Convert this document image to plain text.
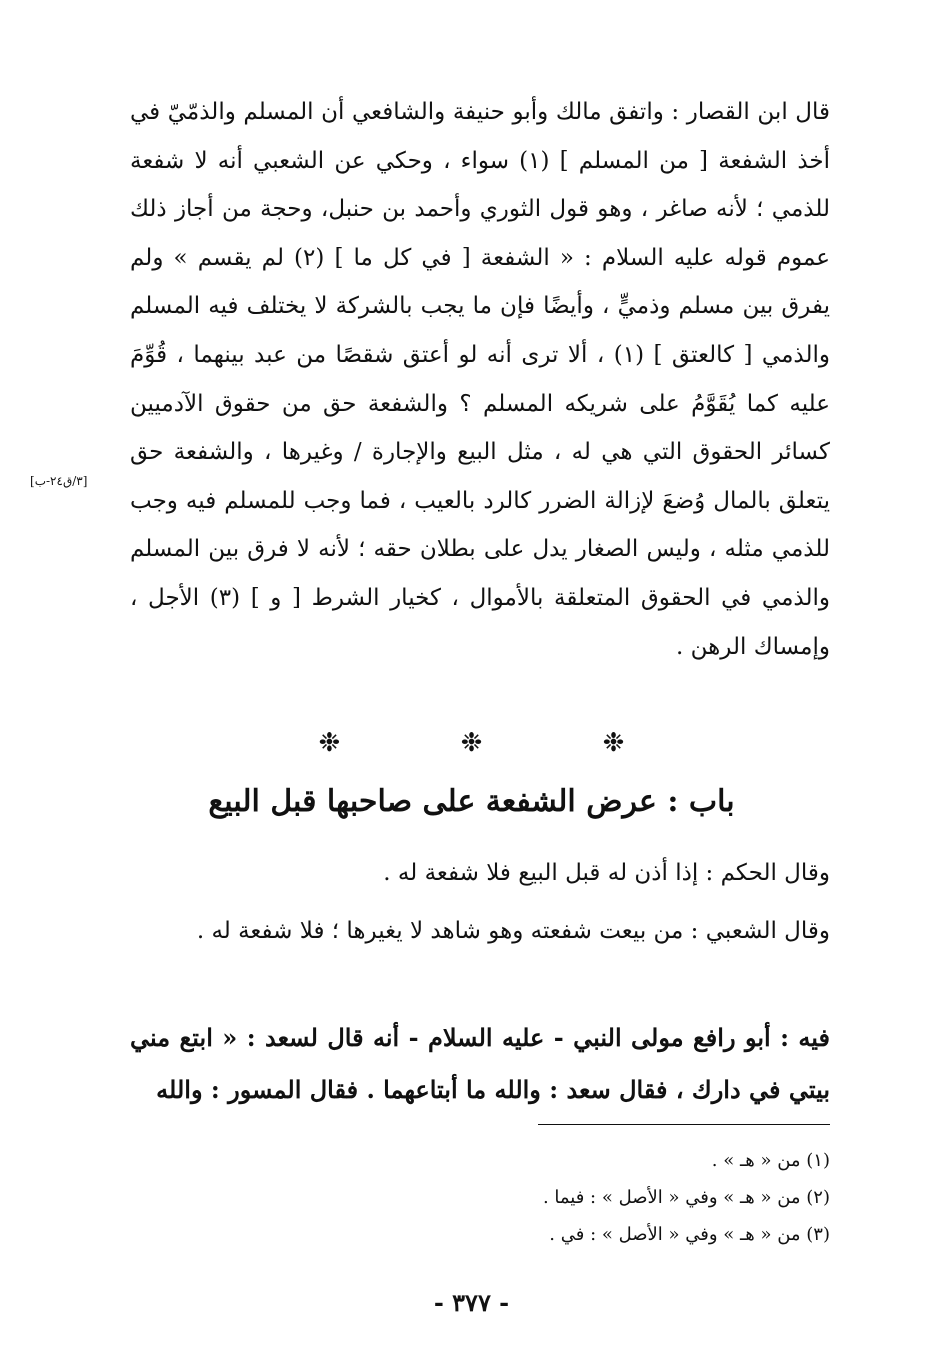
قال ابن القصار : واتفق مالك وأبو حنيفة والشافعي أن المسلم والذمّيّ في أخذ الشفعة [ من المسلم ] (١) سواء ، وحكي عن الشعبي أنه لا شفعة للذمي ؛ لأنه صاغر ، وهو قول الثوري وأحمد بن حنبل، وحجة من أجاز ذلك عموم قوله عليه السلام : « الشفعة [ في كل ما ] (٢) لم يقسم » ولم يفرق بين مسلم وذميٍّ ، وأيضًا فإن ما يجب بالشركة لا يختلف فيه المسلم والذمي [ كالعتق ] (١) ، ألا ترى أنه لو أعتق شقصًا من عبد بينهما ، قُوِّمَ عليه كما يُقَوَّمُ على شريكه المسلم ؟ والشفعة حق من حقوق الآدميين كسائر الحقوق التي هي له ، مثل البيع والإجارة / وغيرها ، والشفعة حق يتعلق بالمال وُضعَ لإزالة الضرر كالرد بالعيب ، فما وجب للمسلم فيه وجب للذمي مثله ، وليس الصغار يدل على بطلان حقه ؛ لأنه لا فرق بين المسلم والذمي في الحقوق المتعلقة بالأموال ، كخيار الشرط [ و ] (٣) الأجل ، وإمساك الرهن .

[٣/ق٢٤-ب]
❉ ❉ ❉
باب : عرض الشفعة على صاحبها قبل البيع
وقال الحكم : إذا أذن له قبل البيع فلا شفعة له .
وقال الشعبي : من بيعت شفعته وهو شاهد لا يغيرها ؛ فلا شفعة له .
فيه : أبو رافع مولى النبي - عليه السلام - أنه قال لسعد : « ابتع مني بيتي في دارك ، فقال سعد : والله ما أبتاعهما . فقال المسور : والله
(١) من « هـ » .
(٢) من « هـ » وفي « الأصل » : فيما .
(٣) من « هـ » وفي « الأصل » : في .
- ٣٧٧ -
